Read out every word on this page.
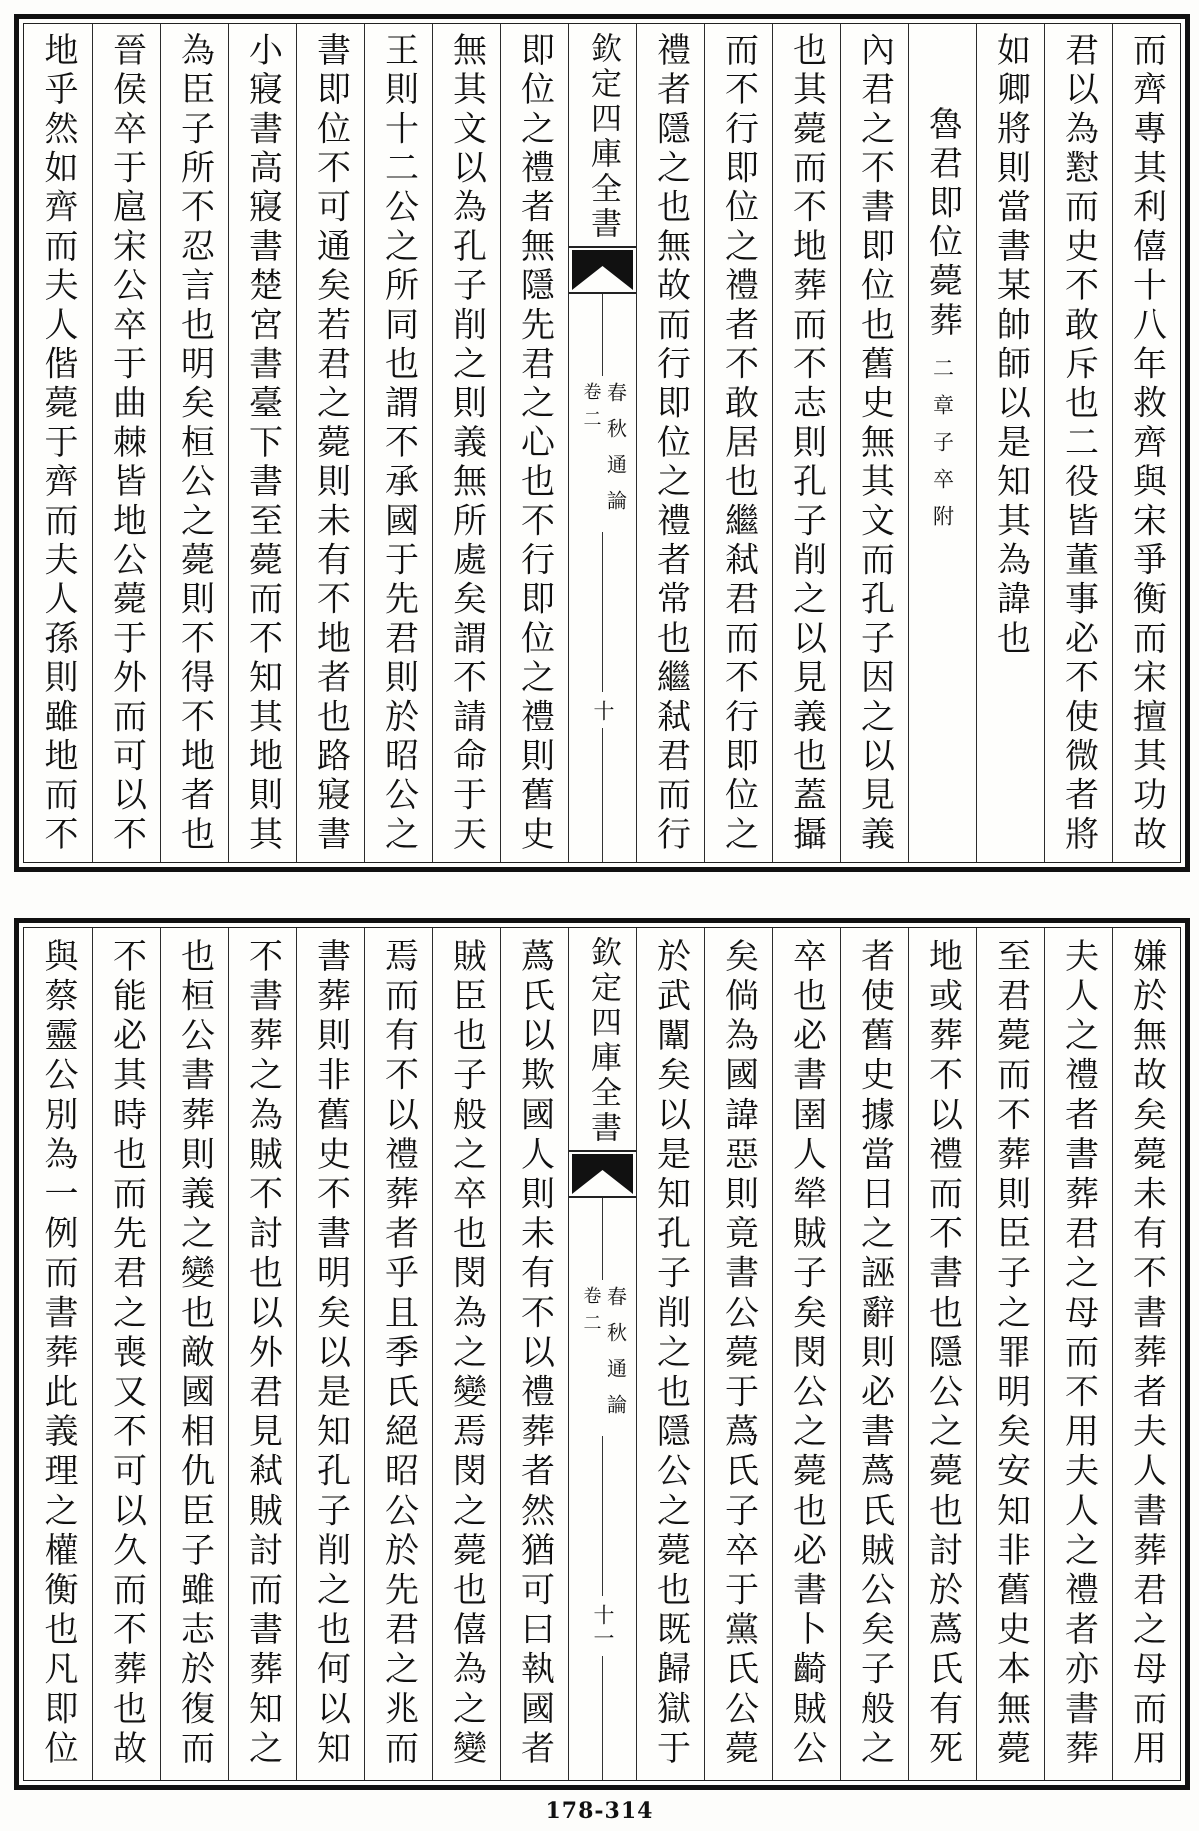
而齊專其利僖十八年救齊與宋爭衡而宋擅其功故
君以為懟而史不敢斥也二役皆董事必不使微者將
如卿將則當書某帥師以是知其為諱也
魯君即位薨葬二章子卒附
內君之不書即位也舊史無其文而孔子因之以見義
也其薨而不地葬而不志則孔子削之以見義也蓋攝
而不行即位之禮者不敢居也繼弒君而不行即位之
禮者隱之也無故而行即位之禮者常也繼弒君而行
欽定四庫全書
春秋通論
卷二
十
即位之禮者無隱先君之心也不行即位之禮則舊史
無其文以為孔子削之則義無所處矣謂不請命于天
王則十二公之所同也謂不承國于先君則於昭公之
書即位不可通矣若君之薨則未有不地者也路寢書
小寢書高寢書楚宮書臺下書至薨而不知其地則其
為臣子所不忍言也明矣桓公之薨則不得不地者也
晉侯卒于扈宋公卒于曲棘皆地公薨于外而可以不
地乎然如齊而夫人偕薨于齊而夫人孫則雖地而不
嫌於無故矣薨未有不書葬者夫人書葬君之母而用
夫人之禮者書葬君之母而不用夫人之禮者亦書葬
至君薨而不葬則臣子之罪明矣安知非舊史本無薨
地或葬不以禮而不書也隱公之薨也討於蔿氏有死
者使舊史據當日之誣辭則必書蔿氏賊公矣子般之
卒也必書圉人犖賊子矣閔公之薨也必書卜齮賊公
矣倘為國諱惡則竟書公薨于蔿氏子卒于黨氏公薨
於武闈矣以是知孔子削之也隱公之薨也既歸獄于
欽定四庫全書
春秋通論
卷二
十一
蔿氏以欺國人則未有不以禮葬者然猶可曰執國者
賊臣也子般之卒也閔為之變焉閔之薨也僖為之變
焉而有不以禮葬者乎且季氏絕昭公於先君之兆而
書葬則非舊史不書明矣以是知孔子削之也何以知
不書葬之為賊不討也以外君見弒賊討而書葬知之
也桓公書葬則義之變也敵國相仇臣子雖志於復而
不能必其時也而先君之喪又不可以久而不葬也故
與蔡靈公別為一例而書葬此義理之權衡也凡即位
178-314
